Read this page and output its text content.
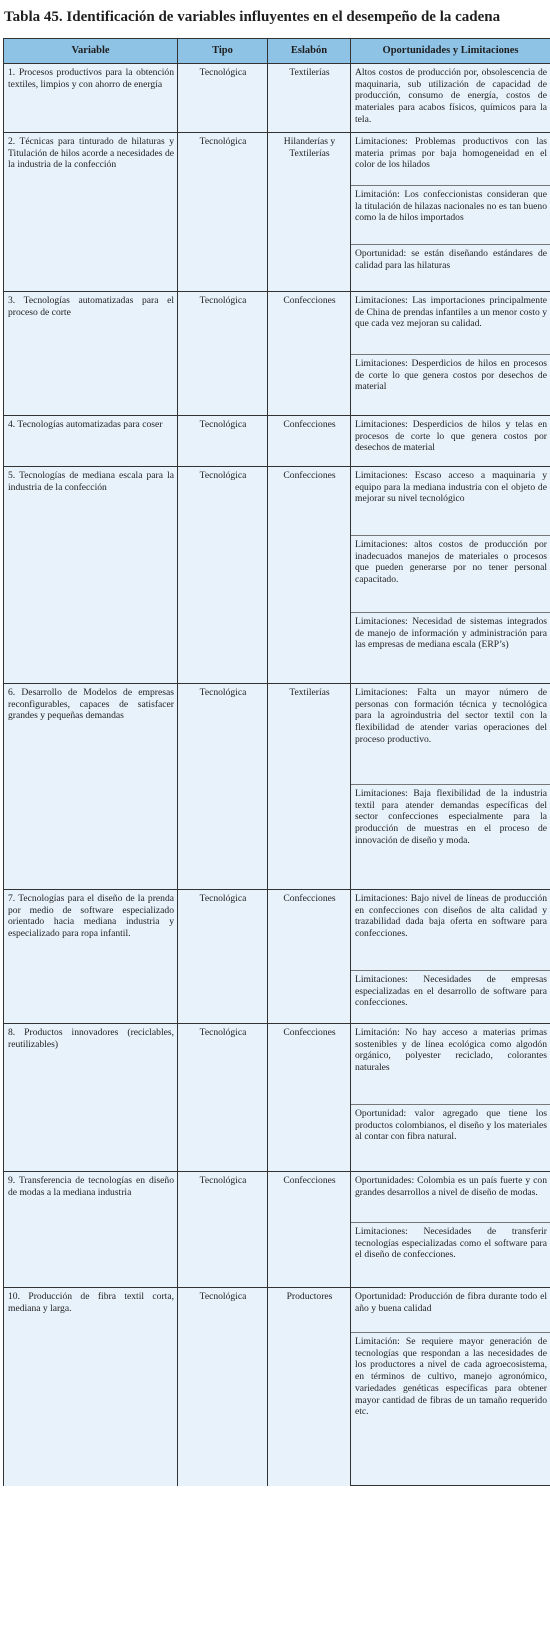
Tabla 45. Identificación de variables influyentes en el desempeño de la cadena
Variable	Tipo	Eslabón	Oportunidades y Limitaciones
1. Procesos productivos para la obtención textiles, limpios y con ahorro de energía	Tecnológica	Textilerías	Altos costos de producción por, obsolescencia de maquinaria, sub utilización de capacidad de producción, consumo de energía, costos de materiales para acabos físicos, químicos para la tela.
2. Técnicas para tinturado de hilaturas y Titulación de hilos acorde a necesidades de la industria de la confección	Tecnológica	Hilanderías y Textilerías	Limitaciones: Problemas productivos con las materia primas por baja homogeneidad en el color de los hilados
			Limitación: Los confeccionistas consideran que la titulación de hilazas nacionales no es tan bueno como la de hilos importados
			Oportunidad: se están diseñando estándares de calidad para las hilaturas
3. Tecnologías automatizadas para el proceso de corte	Tecnológica	Confecciones	Limitaciones: Las importaciones principalmente de China de prendas infantiles a un menor costo y que cada vez mejoran su calidad.
			Limitaciones: Desperdicios de hilos en procesos de corte lo que genera costos por desechos de material
4. Tecnologías automatizadas para coser	Tecnológica	Confecciones	Limitaciones: Desperdicios de hilos y telas en procesos de corte lo que genera costos por desechos de material
5. Tecnologías de mediana escala para la industria de la confección	Tecnológica	Confecciones	Limitaciones: Escaso acceso a maquinaria y equipo para la mediana industria con el objeto de mejorar su nivel tecnológico
			Limitaciones: altos costos de producción por inadecuados manejos de materiales o procesos que pueden generarse por no tener personal capacitado.
			Limitaciones: Necesidad de sistemas integrados de manejo de información y administración para las empresas de mediana escala (ERP’s)
6. Desarrollo de Modelos de empresas reconfigurables, capaces de satisfacer grandes y pequeñas demandas	Tecnológica	Textilerías	Limitaciones: Falta un mayor número de personas con formación técnica y tecnológica para la agroindustria del sector textil con la flexibilidad de atender varias operaciones del proceso productivo.
			Limitaciones: Baja flexibilidad de la industria textil para atender demandas específicas del sector confecciones especialmente para la producción de muestras en el proceso de innovación de diseño y moda.
7. Tecnologías para el diseño de la prenda por medio de software especializado orientado hacia mediana industria y especializado para ropa infantil.	Tecnológica	Confecciones	Limitaciones: Bajo nivel de líneas de producción en confecciones con diseños de alta calidad y trazabilidad dada baja oferta en software para confecciones.
			Limitaciones: Necesidades de empresas especializadas en el desarrollo de software para confecciones.
8. Productos innovadores (reciclables, reutilizables)	Tecnológica	Confecciones	Limitación: No hay acceso a materias primas sostenibles y de línea ecológica como algodón orgánico, polyester reciclado, colorantes naturales
			Oportunidad: valor agregado que tiene los productos colombianos, el diseño y los materiales al contar con fibra natural.
9. Transferencia de tecnologías en diseño de modas a la mediana industria	Tecnológica	Confecciones	Oportunidades: Colombia es un país fuerte y con grandes desarrollos a nivel de diseño de modas.
			Limitaciones: Necesidades de transferir tecnologías especializadas como el software para el diseño de confecciones.
10. Producción de fibra textil corta, mediana y larga.	Tecnológica	Productores	Oportunidad: Producción de fibra durante todo el año y buena calidad
			Limitación: Se requiere mayor generación de tecnologías que respondan a las necesidades de los productores a nivel de cada agroecosistema, en términos de cultivo, manejo agronómico, variedades genéticas específicas para obtener mayor cantidad de fibras de un tamaño requerido etc.
